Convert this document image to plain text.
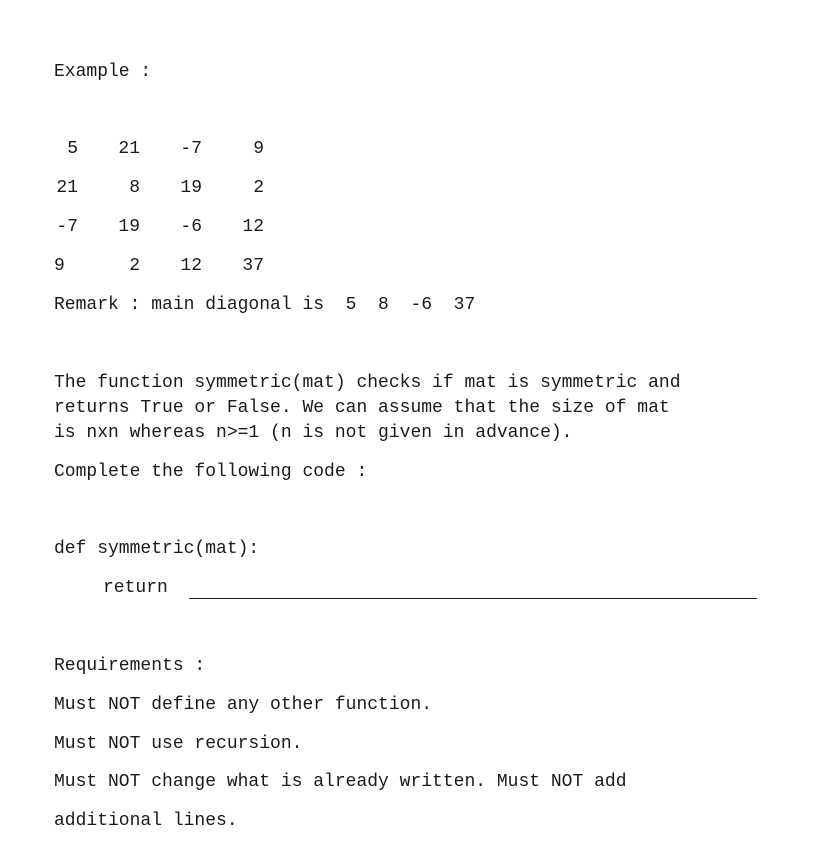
Example :
5	21	-7	9
21	8	19	2
-7	19	-6	12
9	2	12	37
Remark : main diagonal is  5  8  -6  37
The function symmetric(mat) checks if mat is symmetric and
returns True or False. We can assume that the size of mat
is nxn whereas n>=1 (n is not given in advance).
Complete the following code :
def symmetric(mat):
return
Requirements :
Must NOT define any other function.
Must NOT use recursion.
Must NOT change what is already written. Must NOT add
additional lines.
